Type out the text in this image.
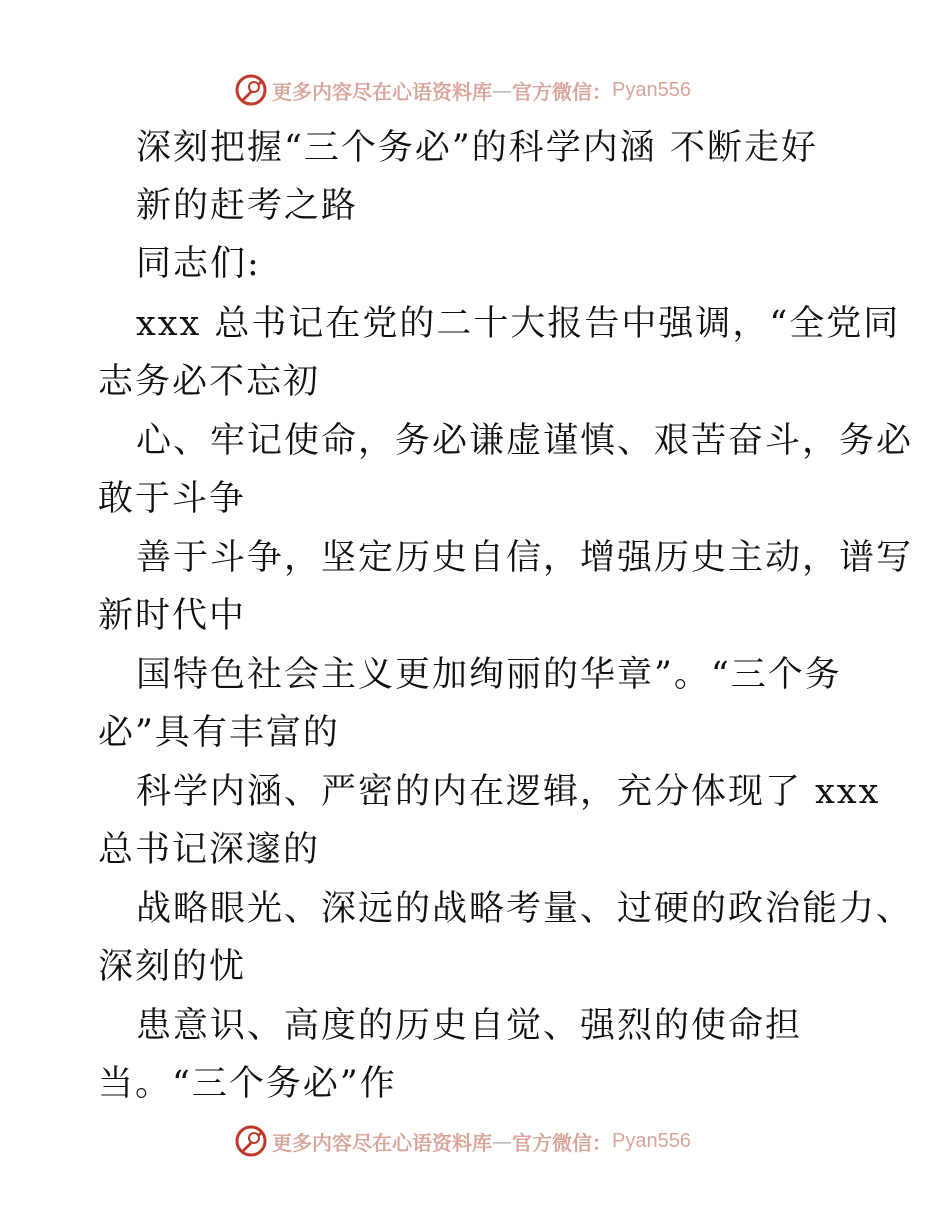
更多内容尽在心语资料库 — 官方微信： Pyan556
深刻把握“三个务必”的科学内涵 不断走好
新的赶考之路
同志们:
xxx 总书记在党的二十大报告中强调，“全党同
志务必不忘初
心、牢记使命，务必谦虚谨慎、艰苦奋斗，务必
敢于斗争
善于斗争，坚定历史自信，增强历史主动，谱写
新时代中
国特色社会主义更加绚丽的华章”。“三个务
必”具有丰富的
科学内涵、严密的内在逻辑，充分体现了 xxx
总书记深邃的
战略眼光、深远的战略考量、过硬的政治能力、
深刻的忧
患意识、高度的历史自觉、强烈的使命担
当。“三个务必”作
更多内容尽在心语资料库 — 官方微信： Pyan556
